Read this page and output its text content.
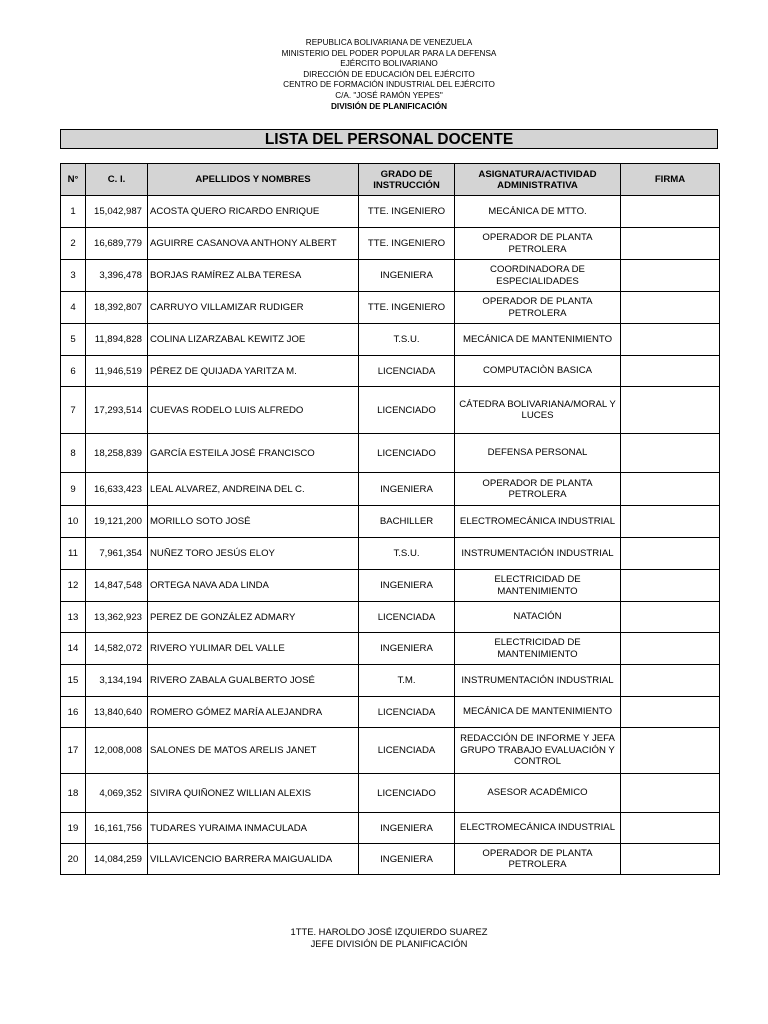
REPUBLICA BOLIVARIANA DE VENEZUELA
MINISTERIO DEL PODER POPULAR PARA LA DEFENSA
EJÉRCITO BOLIVARIANO
DIRECCIÓN DE EDUCACIÓN DEL EJÉRCITO
CENTRO DE FORMACIÓN INDUSTRIAL DEL EJÉRCITO
C/A. "JOSÉ RAMÓN YEPES"
DIVISIÓN DE PLANIFICACIÓN
LISTA DEL PERSONAL DOCENTE
N°	C. I.	APELLIDOS Y NOMBRES	GRADO DE INSTRUCCIÓN	ASIGNATURA/ACTIVIDAD ADMINISTRATIVA	FIRMA
1	15,042,987	ACOSTA QUERO RICARDO ENRIQUE	TTE. INGENIERO	MECÁNICA DE MTTO.	
2	16,689,779	AGUIRRE CASANOVA ANTHONY ALBERT	TTE. INGENIERO	OPERADOR DE PLANTA PETROLERA	
3	3,396,478	BORJAS RAMÍREZ ALBA TERESA	INGENIERA	COORDINADORA DE ESPECIALIDADES	
4	18,392,807	CARRUYO VILLAMIZAR RUDIGER	TTE. INGENIERO	OPERADOR DE PLANTA PETROLERA	
5	11,894,828	COLINA LIZARZABAL KEWITZ JOE	T.S.U.	MECÁNICA DE MANTENIMIENTO	
6	11,946,519	PÉREZ DE QUIJADA YARITZA M.	LICENCIADA	COMPUTACIÒN BASICA	
7	17,293,514	CUEVAS RODELO LUIS ALFREDO	LICENCIADO	CÁTEDRA BOLIVARIANA/MORAL Y LUCES	
8	18,258,839	GARCÍA ESTEILA JOSÉ FRANCISCO	LICENCIADO	DEFENSA PERSONAL	
9	16,633,423	LEAL ALVAREZ, ANDREINA DEL C.	INGENIERA	OPERADOR DE PLANTA PETROLERA	
10	19,121,200	MORILLO SOTO JOSÉ	BACHILLER	ELECTROMECÁNICA INDUSTRIAL	
11	7,961,354	NUÑEZ TORO JESÚS ELOY	T.S.U.	INSTRUMENTACIÓN INDUSTRIAL	
12	14,847,548	ORTEGA NAVA ADA LINDA	INGENIERA	ELECTRICIDAD DE MANTENIMIENTO	
13	13,362,923	PEREZ DE GONZÁLEZ ADMARY	LICENCIADA	NATACIÓN	
14	14,582,072	RIVERO YULIMAR DEL VALLE	INGENIERA	ELECTRICIDAD DE MANTENIMIENTO	
15	3,134,194	RIVERO ZABALA GUALBERTO JOSÉ	T.M.	INSTRUMENTACIÓN INDUSTRIAL	
16	13,840,640	ROMERO GÓMEZ MARÍA ALEJANDRA	LICENCIADA	MECÁNICA DE MANTENIMIENTO	
17	12,008,008	SALONES DE MATOS ARELIS JANET	LICENCIADA	REDACCIÓN DE INFORME Y JEFA GRUPO TRABAJO EVALUACIÓN Y CONTROL	
18	4,069,352	SIVIRA QUIÑONEZ WILLIAN ALEXIS	LICENCIADO	ASESOR ACADÉMICO	
19	16,161,756	TUDARES YURAIMA INMACULADA	INGENIERA	ELECTROMECÁNICA INDUSTRIAL	
20	14,084,259	VILLAVICENCIO BARRERA MAIGUALIDA	INGENIERA	OPERADOR DE PLANTA PETROLERA	
1TTE. HAROLDO JOSÉ IZQUIERDO SUAREZ
JEFE DIVISIÓN DE PLANIFICACIÓN
